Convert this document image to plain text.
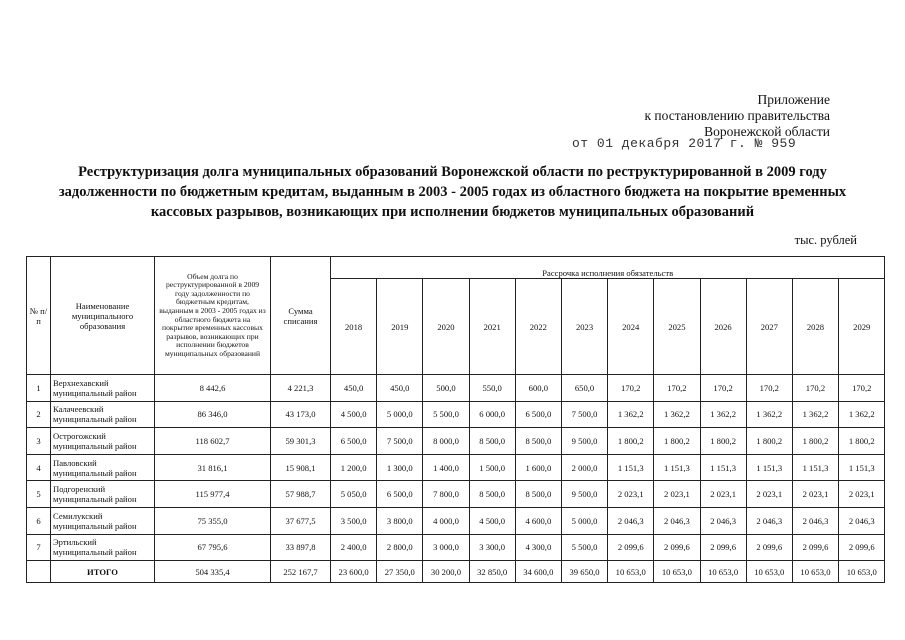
Приложение
к постановлению правительства
Воронежской области
от 01 декабря 2017 г. № 959
Реструктуризация долга муниципальных образований Воронежской области по реструктурированной в 2009 году
задолженности по бюджетным кредитам, выданным в 2003 - 2005 годах из областного бюджета на покрытие временных
кассовых разрывов, возникающих при исполнении бюджетов муниципальных образований
тыс. рублей
№ п/п	Наименование муниципального образования	Объем долга по реструктурированной в 2009 году задолженности по бюджетным кредитам, выданным в 2003 - 2005 годах из областного бюджета на покрытие временных кассовых разрывов, возникающих при исполнении бюджетов муниципальных образований	Сумма списания	Рассрочка исполнения обязательств											
				2018	2019	2020	2021	2022	2023	2024	2025	2026	2027	2028	2029
1	Верхнехавский муниципальный район	8 442,6	4 221,3	450,0	450,0	500,0	550,0	600,0	650,0	170,2	170,2	170,2	170,2	170,2	170,2
2	Калачеевский муниципальный район	86 346,0	43 173,0	4 500,0	5 000,0	5 500,0	6 000,0	6 500,0	7 500,0	1 362,2	1 362,2	1 362,2	1 362,2	1 362,2	1 362,2
3	Острогожский муниципальный район	118 602,7	59 301,3	6 500,0	7 500,0	8 000,0	8 500,0	8 500,0	9 500,0	1 800,2	1 800,2	1 800,2	1 800,2	1 800,2	1 800,2
4	Павловский муниципальный район	31 816,1	15 908,1	1 200,0	1 300,0	1 400,0	1 500,0	1 600,0	2 000,0	1 151,3	1 151,3	1 151,3	1 151,3	1 151,3	1 151,3
5	Подгоренский муниципальный район	115 977,4	57 988,7	5 050,0	6 500,0	7 800,0	8 500,0	8 500,0	9 500,0	2 023,1	2 023,1	2 023,1	2 023,1	2 023,1	2 023,1
6	Семилукский муниципальный район	75 355,0	37 677,5	3 500,0	3 800,0	4 000,0	4 500,0	4 600,0	5 000,0	2 046,3	2 046,3	2 046,3	2 046,3	2 046,3	2 046,3
7	Эртильский муниципальный район	67 795,6	33 897,8	2 400,0	2 800,0	3 000,0	3 300,0	4 300,0	5 500,0	2 099,6	2 099,6	2 099,6	2 099,6	2 099,6	2 099,6
	ИТОГО	504 335,4	252 167,7	23 600,0	27 350,0	30 200,0	32 850,0	34 600,0	39 650,0	10 653,0	10 653,0	10 653,0	10 653,0	10 653,0	10 653,0
